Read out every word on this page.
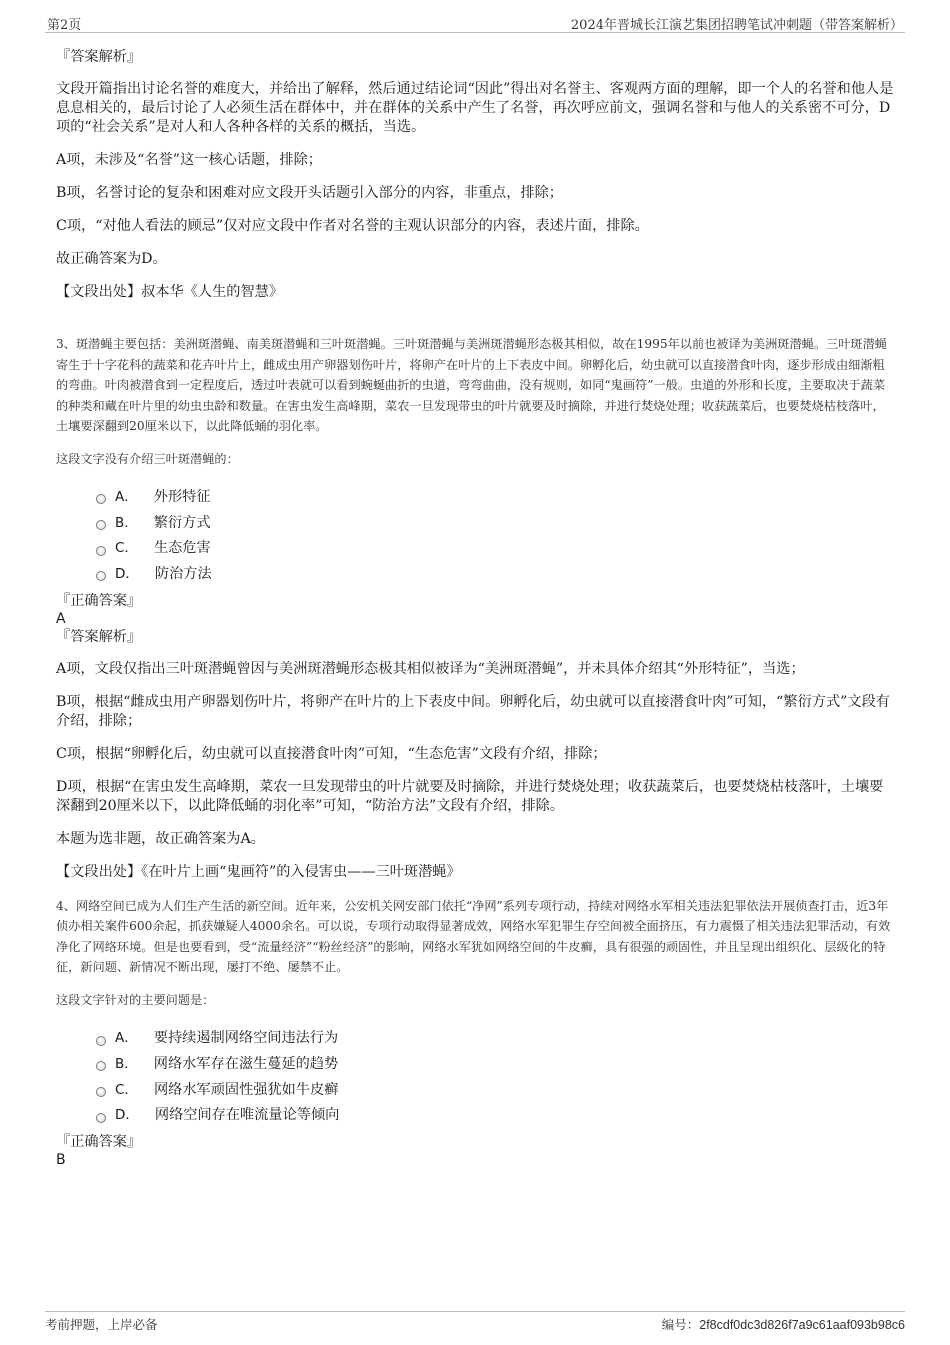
第2页	2024年晋城长江演艺集团招聘笔试冲刺题（带答案解析）

『答案解析』

文段开篇指出讨论名誉的难度大，并给出了解释，然后通过结论词“因此”得出对名誉主、客观两方面的理解，即一个人的名誉和他人是息息相关的，最后讨论了人必须生活在群体中，并在群体的关系中产生了名誉，再次呼应前文，强调名誉和与他人的关系密不可分，D项的“社会关系”是对人和人各种各样的关系的概括，当选。

A项，未涉及“名誉”这一核心话题，排除；

B项，名誉讨论的复杂和困难对应文段开头话题引入部分的内容，非重点，排除；

C项，“对他人看法的顾忌”仅对应文段中作者对名誉的主观认识部分的内容，表述片面，排除。

故正确答案为D。

【文段出处】叔本华《人生的智慧》

3、斑潜蝇主要包括：美洲斑潜蝇、南美斑潜蝇和三叶斑潜蝇。三叶斑潜蝇与美洲斑潜蝇形态极其相似，故在1995年以前也被译为美洲斑潜蝇。三叶斑潜蝇寄生于十字花科的蔬菜和花卉叶片上，雌成虫用产卵器划伤叶片，将卵产在叶片的上下表皮中间。卵孵化后，幼虫就可以直接潜食叶肉，逐步形成由细渐粗的弯曲。叶肉被潜食到一定程度后，透过叶表就可以看到蜿蜒曲折的虫道，弯弯曲曲，没有规则，如同“鬼画符”一般。虫道的外形和长度，主要取决于蔬菜的种类和藏在叶片里的幼虫虫龄和数量。在害虫发生高峰期，菜农一旦发现带虫的叶片就要及时摘除，并进行焚烧处理；收获蔬菜后，也要焚烧枯枝落叶，土壤要深翻到20厘米以下，以此降低蛹的羽化率。

这段文字没有介绍三叶斑潜蝇的：

A． 外形特征
B． 繁衍方式
C． 生态危害
D． 防治方法

『正确答案』

A

『答案解析』

A项，文段仅指出三叶斑潜蝇曾因与美洲斑潜蝇形态极其相似被译为“美洲斑潜蝇”，并未具体介绍其“外形特征”，当选；

B项，根据“雌成虫用产卵器划伤叶片，将卵产在叶片的上下表皮中间。卵孵化后，幼虫就可以直接潜食叶肉”可知，“繁衍方式”文段有介绍，排除；

C项，根据“卵孵化后，幼虫就可以直接潜食叶肉”可知，“生态危害”文段有介绍，排除；

D项，根据“在害虫发生高峰期，菜农一旦发现带虫的叶片就要及时摘除，并进行焚烧处理；收获蔬菜后，也要焚烧枯枝落叶，土壤要深翻到20厘米以下，以此降低蛹的羽化率”可知，“防治方法”文段有介绍，排除。

本题为选非题，故正确答案为A。

【文段出处】《在叶片上画“鬼画符”的入侵害虫——三叶斑潜蝇》

4、网络空间已成为人们生产生活的新空间。近年来，公安机关网安部门依托“净网”系列专项行动，持续对网络水军相关违法犯罪依法开展侦查打击，近3年侦办相关案件600余起，抓获嫌疑人4000余名。可以说，专项行动取得显著成效，网络水军犯罪生存空间被全面挤压，有力震慑了相关违法犯罪活动，有效净化了网络环境。但是也要看到，受“流量经济”“粉丝经济”的影响，网络水军犹如网络空间的牛皮癣，具有很强的顽固性，并且呈现出组织化、层级化的特征，新问题、新情况不断出现，屡打不绝、屡禁不止。

这段文字针对的主要问题是：

A． 要持续遏制网络空间违法行为
B． 网络水军存在滋生蔓延的趋势
C． 网络水军顽固性强犹如牛皮癣
D． 网络空间存在唯流量论等倾向

『正确答案』

B

考前押题，上岸必备	编号：2f8cdf0dc3d826f7a9c61aaf093b98c6
